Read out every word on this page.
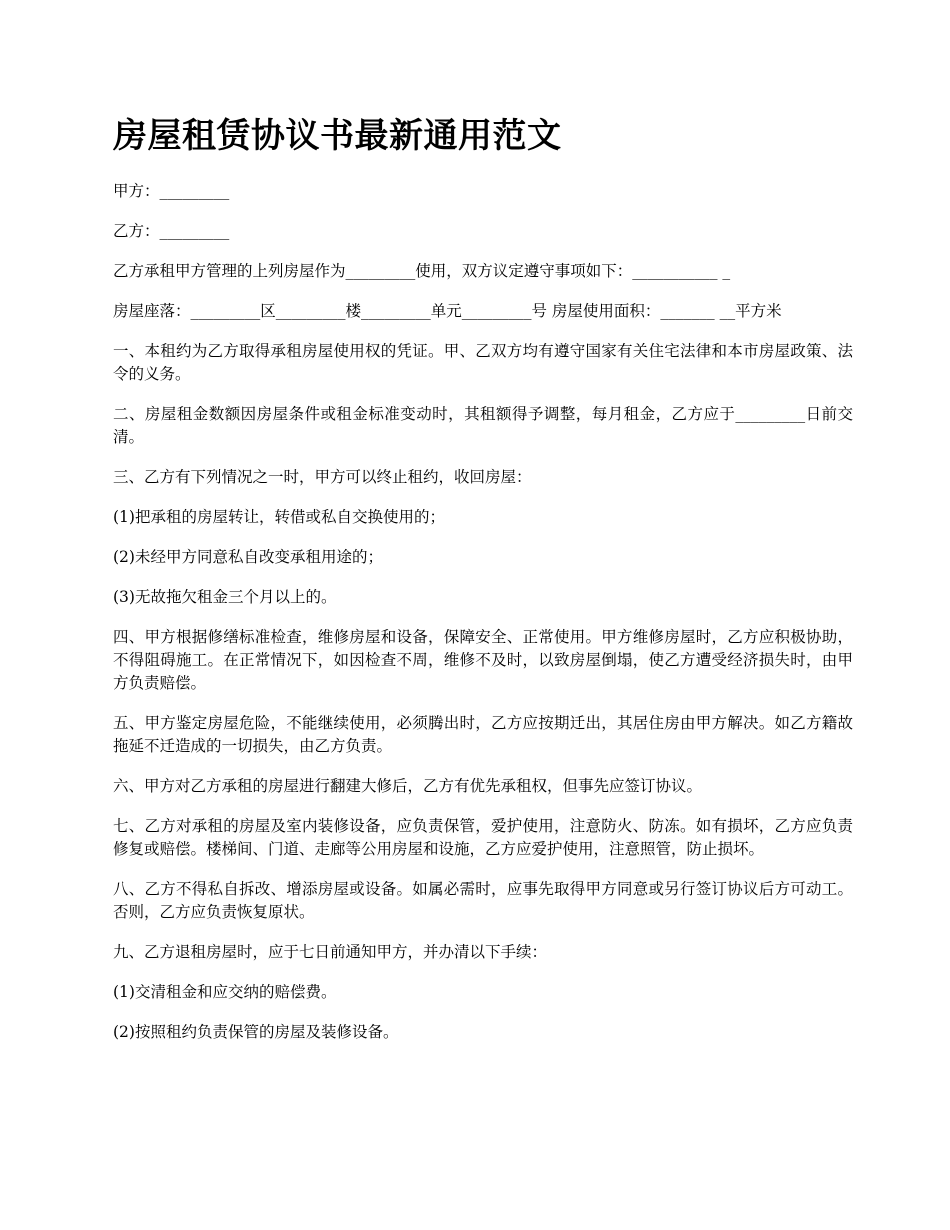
房屋租赁协议书最新通用范文

甲方：_________

乙方：_________

乙方承租甲方管理的上列房屋作为_________使用，双方议定遵守事项如下：___________ _

房屋座落：_________区_________楼_________单元_________号 房屋使用面积：_______ __平方米

一、本租约为乙方取得承租房屋使用权的凭证。甲、乙双方均有遵守国家有关住宅法律和本市房屋政策、法令的义务。

二、房屋租金数额因房屋条件或租金标准变动时，其租额得予调整，每月租金，乙方应于_________日前交清。

三、乙方有下列情况之一时，甲方可以终止租约，收回房屋：

(1)把承租的房屋转让，转借或私自交换使用的；

(2)未经甲方同意私自改变承租用途的；

(3)无故拖欠租金三个月以上的。

四、甲方根据修缮标准检查，维修房屋和设备，保障安全、正常使用。甲方维修房屋时，乙方应积极协助，不得阻碍施工。在正常情况下，如因检查不周，维修不及时，以致房屋倒塌，使乙方遭受经济损失时，由甲方负责赔偿。

五、甲方鉴定房屋危险，不能继续使用，必须腾出时，乙方应按期迁出，其居住房由甲方解决。如乙方籍故拖延不迁造成的一切损失，由乙方负责。

六、甲方对乙方承租的房屋进行翻建大修后，乙方有优先承租权，但事先应签订协议。

七、乙方对承租的房屋及室内装修设备，应负责保管，爱护使用，注意防火、防冻。如有损坏，乙方应负责修复或赔偿。楼梯间、门道、走廊等公用房屋和设施，乙方应爱护使用，注意照管，防止损坏。

八、乙方不得私自拆改、增添房屋或设备。如属必需时，应事先取得甲方同意或另行签订协议后方可动工。否则，乙方应负责恢复原状。

九、乙方退租房屋时，应于七日前通知甲方，并办清以下手续：

(1)交清租金和应交纳的赔偿费。

(2)按照租约负责保管的房屋及装修设备。
